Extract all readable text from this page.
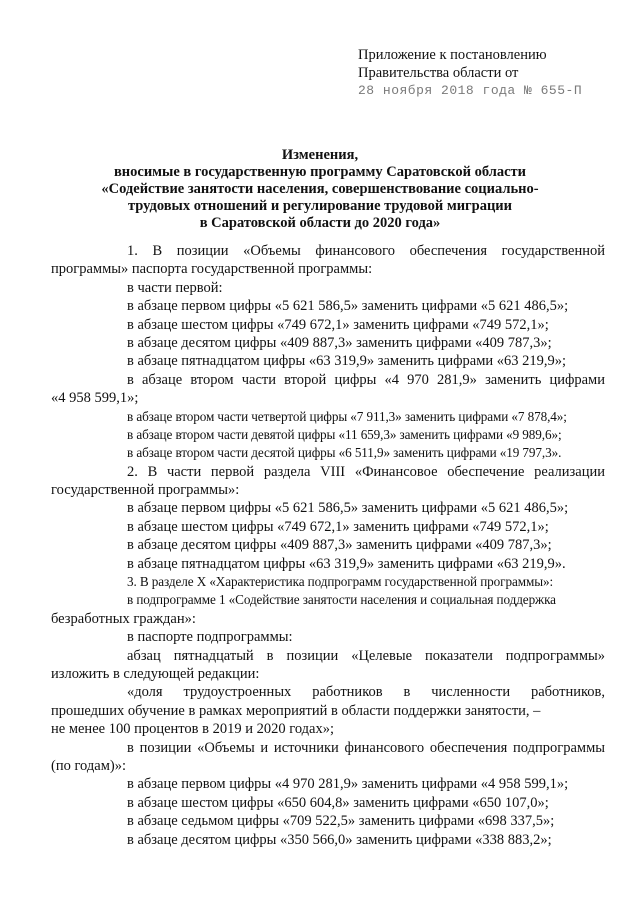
Приложение к постановлению
Правительства области от
28 ноября 2018 года № 655-П
Изменения,
вносимые в государственную программу Саратовской области
«Содействие занятости населения, совершенствование социально-
трудовых отношений и регулирование трудовой миграции
в Саратовской области до 2020 года»
1. В позиции «Объемы финансового обеспечения государственной
программы» паспорта государственной программы:
в части первой:
в абзаце первом цифры «5 621 586,5» заменить цифрами «5 621 486,5»;
в абзаце шестом цифры «749 672,1» заменить цифрами «749 572,1»;
в абзаце десятом цифры «409 887,3» заменить цифрами «409 787,3»;
в абзаце пятнадцатом цифры «63 319,9» заменить цифрами «63 219,9»;
в абзаце втором части второй цифры «4 970 281,9» заменить цифрами
«4 958 599,1»;
в абзаце втором части четвертой цифры «7 911,3» заменить цифрами «7 878,4»;
в абзаце втором части девятой цифры «11 659,3» заменить цифрами «9 989,6»;
в абзаце втором части десятой цифры «6 511,9» заменить цифрами «19 797,3».
2. В части первой раздела VIII «Финансовое обеспечение реализации
государственной программы»:
в абзаце первом цифры «5 621 586,5» заменить цифрами «5 621 486,5»;
в абзаце шестом цифры «749 672,1» заменить цифрами «749 572,1»;
в абзаце десятом цифры «409 887,3» заменить цифрами «409 787,3»;
в абзаце пятнадцатом цифры «63 319,9» заменить цифрами «63 219,9».
3. В разделе X «Характеристика подпрограмм государственной программы»:
в подпрограмме 1 «Содействие занятости населения и социальная поддержка
безработных граждан»:
в паспорте подпрограммы:
абзац пятнадцатый в позиции «Целевые показатели подпрограммы»
изложить в следующей редакции:
«доля трудоустроенных работников в численности работников,
прошедших обучение в рамках мероприятий в области поддержки занятости, –
не менее 100 процентов в 2019 и 2020 годах»;
в позиции «Объемы и источники финансового обеспечения подпрограммы
(по годам)»:
в абзаце первом цифры «4 970 281,9» заменить цифрами «4 958 599,1»;
в абзаце шестом цифры «650 604,8» заменить цифрами «650 107,0»;
в абзаце седьмом цифры «709 522,5» заменить цифрами «698 337,5»;
в абзаце десятом цифры «350 566,0» заменить цифрами «338 883,2»;
